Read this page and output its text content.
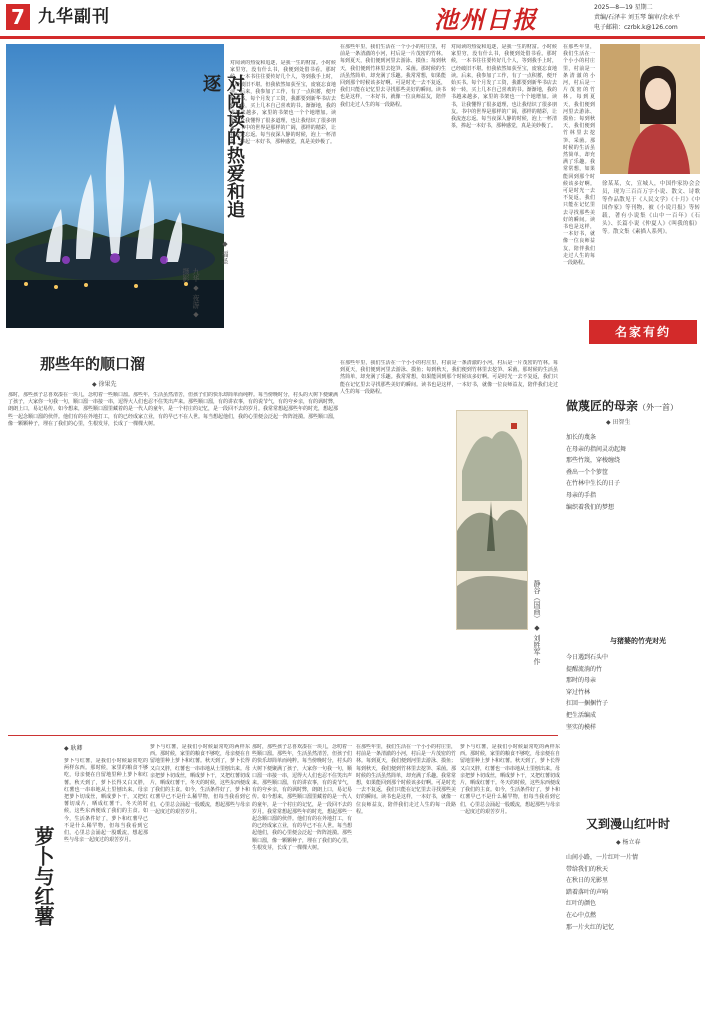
7 九华副刊	池州日报	2025—8—19 星期二
责编/石泽丰 刘玉琴 编审/余永平
电子邮箱：czrbk.k@126.com
对阅读的热爱和追逐
◆ 福圣
九华 ◆ 夜游 ◆ 摄影
对阅读的热爱和追逐，是我一生的财富。小时候家里穷，没有什么书，我便到处借书看。那时候，一本书往往要传好几个人，等到我手上时，已经破旧不堪。但我依然如获至宝，废寝忘食地读。后来，我参加了工作，有了一点积蓄，便开始买书。每个月发了工资，我都要到新华书店去转一转，买上几本自己喜欢的书。渐渐地，我的书越来越多，家里的书架也一个个地增加。读书，让我懂得了很多道理，也让我结识了很多朋友。书中的世界是那样的广阔，那样的精彩，让我流连忘返。每当夜深人静的时候，泡上一杯清茶，捧起一本好书，那种感觉，真是美妙极了。
在那些年里，我们生活在一个小小的村庄里，村前是一条清澈的小河，村后是一片茂密的竹林。每到夏天，我们便到河里去游泳、摸鱼；每到秋天，我们便到竹林里去挖笋、采菌。那时候的生活虽然简单，却充满了乐趣。我常常想，如果能回到那个时候该多好啊。可是时光一去不复返，我们只能在记忆里去寻找那些美好的瞬间。读书也是这样，一本好书，就像一位良师益友，陪伴我们走过人生的每一段路程。
对阅读的热爱和追逐，是我一生的财富。小时候家里穷，没有什么书，我便到处借书看。那时候，一本书往往要传好几个人，等到我手上时，已经破旧不堪。但我依然如获至宝，废寝忘食地读。后来，我参加了工作，有了一点积蓄，便开始买书。每个月发了工资，我都要到新华书店去转一转，买上几本自己喜欢的书。渐渐地，我的书越来越多，家里的书架也一个个地增加。读书，让我懂得了很多道理，也让我结识了很多朋友。书中的世界是那样的广阔，那样的精彩，让我流连忘返。每当夜深人静的时候，泡上一杯清茶，捧起一本好书，那种感觉，真是美妙极了。
在那些年里，我们生活在一个小小的村庄里，村前是一条清澈的小河，村后是一片茂密的竹林。每到夏天，我们便到河里去游泳、摸鱼；每到秋天，我们便到竹林里去挖笋、采菌。那时候的生活虽然简单，却充满了乐趣。我常常想，如果能回到那个时候该多好啊。可是时光一去不复返，我们只能在记忆里去寻找那些美好的瞬间。读书也是这样，一本好书，就像一位良师益友，陪伴我们走过人生的每一段路程。
徐某某，女，宣城人，中国作家协会会员，现为三百百万字小说、散文、诗歌等作品散见于《人民文学》《十月》《中国作家》等刊物，被《小说月报》等转载，著有小说集《山中一百年》《石头》、长篇小说《仲夏人》《叫我的船》等。散文集《素描人系列》。
名家有约
那些年的顺口溜
◆ 徐果先
那时，那些孩子总喜欢凑在一块儿，念叨着一些顺口溜。那些年，生活虽然清苦，但孩子们的快乐却简单而纯粹。每当傍晚时分，村头的大树下便聚满了孩子，大家你一句我一句，顺口溜一串接一串，逗得大人们也忍不住笑出声来。那些顺口溜，有的讲农事，有的说节气，有的夸乡亲，有的讽时弊，朗朗上口，易记易传。如今想来，那些顺口溜里藏着的是一代人的童年，是一个村庄的记忆，是一段回不去的岁月。我常常想起那些年的时光，想起那些一起念顺口溜的伙伴。他们有的在外地打工，有的已经成家立业，有的早已不在人世。每当想起他们，我的心里便会泛起一阵阵涟漪。那些顺口溜，像一颗颗种子，埋在了我们的心里，生根发芽，长成了一棵棵大树。
在那些年里，我们生活在一个小小的村庄里，村前是一条清澈的小河，村后是一片茂密的竹林。每到夏天，我们便到河里去游泳、摸鱼；每到秋天，我们便到竹林里去挖笋、采菌。那时候的生活虽然简单，却充满了乐趣。我常常想，如果能回到那个时候该多好啊。可是时光一去不复返，我们只能在记忆里去寻找那些美好的瞬间。读书也是这样，一本好书，就像一位良师益友，陪伴我们走过人生的每一段路程。
做蔑匠的母亲（外一首）
◆ 田智生
加长的蔑条
在母亲的指间灵动起舞
那些竹篾，穿梭缠绕
叠出一个个箩筐
在竹林中生长的日子
母亲的手指
编织着我们的梦想
与猪婆的竹壳对光
今日遇到石头中
提醒流淌的竹
那时的母亲
穿过竹林
扛回一捆捆竹子
把生活编成
坚实的模样
静谷（国画） ◆ 刘胜军 作
萝卜与红薯
◆ 耿卿
萝卜与红薯，是我们小时候最常吃的两样东西。那时候，家里的粮食不够吃，母亲便在自留地里种上萝卜和红薯。秋天到了，萝卜长得又白又胖，红薯也一串串地从土里刨出来。母亲把萝卜切成丝，晒成萝卜干，又把红薯切成片，晒成红薯干。冬天的时候，这些东西便成了我们的主食。如今，生活条件好了，萝卜和红薯早已不是什么稀罕物，但每当我看到它们，心里总会涌起一股暖流，想起那些与母亲一起度过的艰苦岁月。
萝卜与红薯，是我们小时候最常吃的两样东西。那时候，家里的粮食不够吃，母亲便在自留地里种上萝卜和红薯。秋天到了，萝卜长得又白又胖，红薯也一串串地从土里刨出来。母亲把萝卜切成丝，晒成萝卜干，又把红薯切成片，晒成红薯干。冬天的时候，这些东西便成了我们的主食。如今，生活条件好了，萝卜和红薯早已不是什么稀罕物，但每当我看到它们，心里总会涌起一股暖流，想起那些与母亲一起度过的艰苦岁月。
那时，那些孩子总喜欢凑在一块儿，念叨着一些顺口溜。那些年，生活虽然清苦，但孩子们的快乐却简单而纯粹。每当傍晚时分，村头的大树下便聚满了孩子，大家你一句我一句，顺口溜一串接一串，逗得大人们也忍不住笑出声来。那些顺口溜，有的讲农事，有的说节气，有的夸乡亲，有的讽时弊，朗朗上口，易记易传。如今想来，那些顺口溜里藏着的是一代人的童年，是一个村庄的记忆，是一段回不去的岁月。我常常想起那些年的时光，想起那些一起念顺口溜的伙伴。他们有的在外地打工，有的已经成家立业，有的早已不在人世。每当想起他们，我的心里便会泛起一阵阵涟漪。那些顺口溜，像一颗颗种子，埋在了我们的心里，生根发芽，长成了一棵棵大树。
在那些年里，我们生活在一个小小的村庄里，村前是一条清澈的小河，村后是一片茂密的竹林。每到夏天，我们便到河里去游泳、摸鱼；每到秋天，我们便到竹林里去挖笋、采菌。那时候的生活虽然简单，却充满了乐趣。我常常想，如果能回到那个时候该多好啊。可是时光一去不复返，我们只能在记忆里去寻找那些美好的瞬间。读书也是这样，一本好书，就像一位良师益友，陪伴我们走过人生的每一段路程。
萝卜与红薯，是我们小时候最常吃的两样东西。那时候，家里的粮食不够吃，母亲便在自留地里种上萝卜和红薯。秋天到了，萝卜长得又白又胖，红薯也一串串地从土里刨出来。母亲把萝卜切成丝，晒成萝卜干，又把红薯切成片，晒成红薯干。冬天的时候，这些东西便成了我们的主食。如今，生活条件好了，萝卜和红薯早已不是什么稀罕物，但每当我看到它们，心里总会涌起一股暖流，想起那些与母亲一起度过的艰苦岁月。
又到漫山红叶时
◆ 杨立春
山间小路，一片红叶一片情
带给我们的秋天
在秋日的光影里
踏着落叶的声响
红叶的颜色
在心中点燃
那一片火红的记忆
